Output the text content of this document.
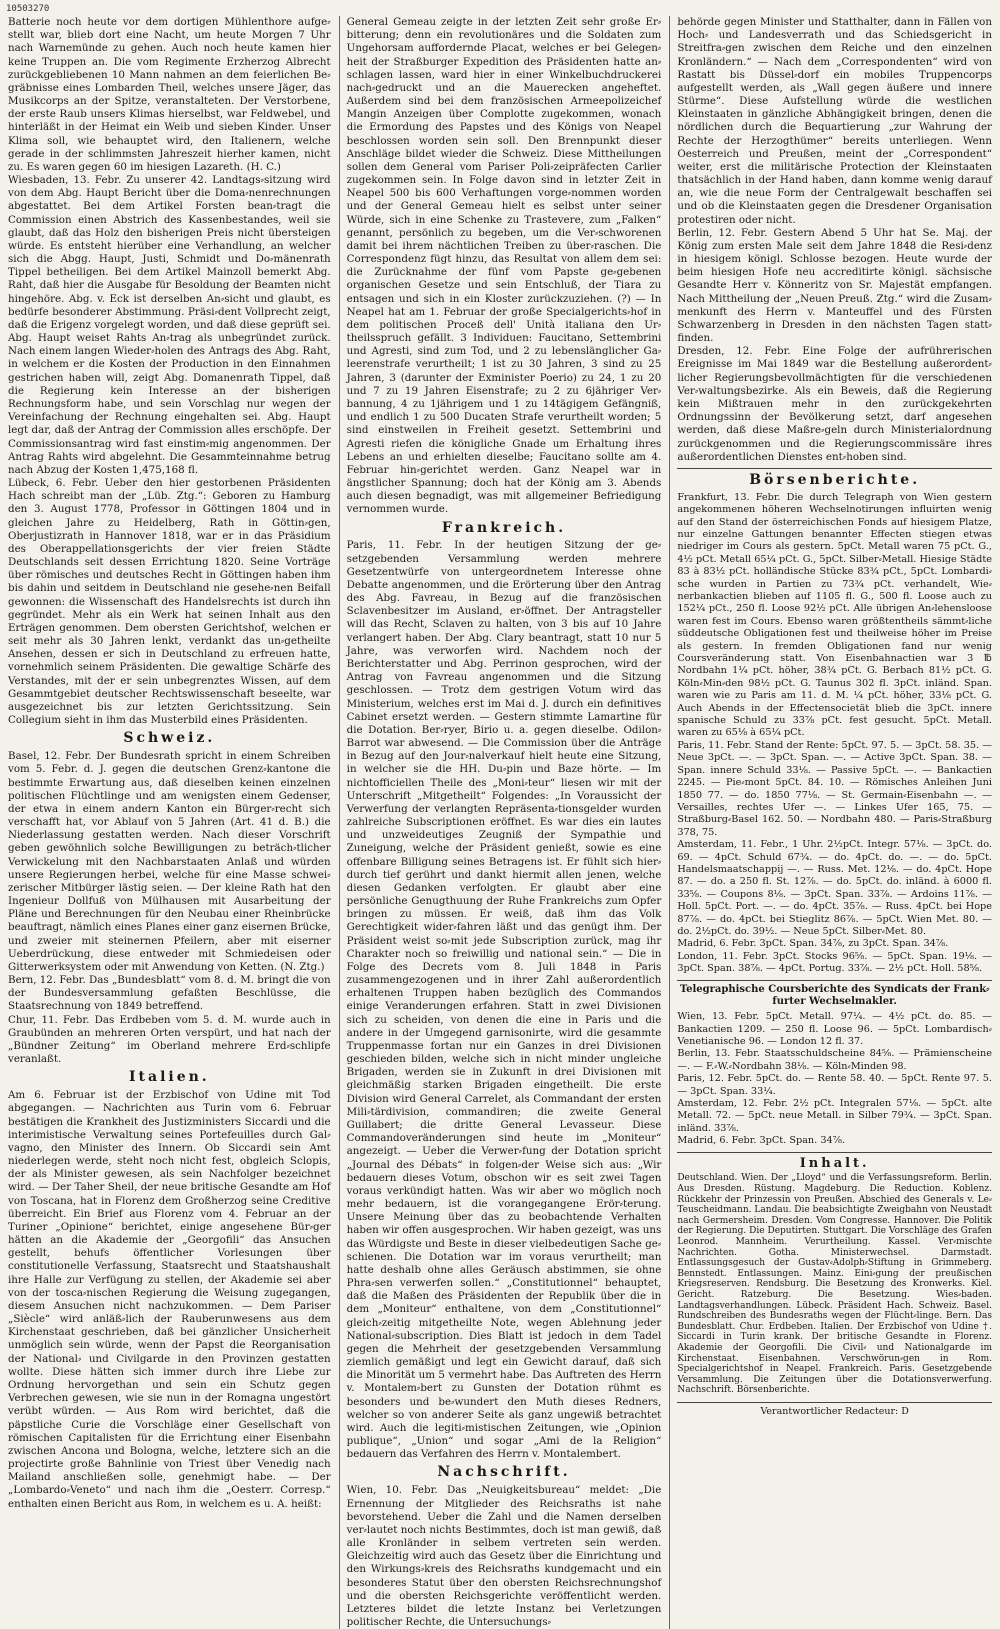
10503270

Batterie noch heute vor dem dortigen Mühlenthore aufge⸗stellt war, blieb dort eine Nacht, um heute Morgen 7 Uhr nach Warnemünde zu gehen. Auch noch heute kamen hier keine Truppen an. Die vom Regimente Erzherzog Albrecht zurückgebliebenen 10 Mann nahmen an dem feierlichen Be⸗gräbnisse eines Lombarden Theil, welches unsere Jäger, das Musikcorps an der Spitze, veranstalteten. Der Verstorbene, der erste Raub unsers Klimas hierselbst, war Feldwebel, und hinterläßt in der Heimat ein Weib und sieben Kinder. Unser Klima soll, wie behauptet wird, den Italienern, welche gerade in der schlimmsten Jahreszeit hierher kamen, nicht zu. Es waren gegen 60 im hiesigen Lazareth. (H. C.)

Wiesbaden, 13. Febr. Zu unserer 42. Landtags⸗sitzung wird von dem Abg. Haupt Bericht über die Doma⸗nenrechnungen abgestattet. Bei dem Artikel Forsten bean⸗tragt die Commission einen Abstrich des Kassenbestandes, weil sie glaubt, daß das Holz den bisherigen Preis nicht übersteigen würde. Es entsteht hierüber eine Verhandlung, an welcher sich die Abgg. Haupt, Justi, Schmidt und Do⸗mänenrath Tippel betheiligen. Bei dem Artikel Mainzoll bemerkt Abg. Raht, daß hier die Ausgabe für Besoldung der Beamten nicht hingehöre. Abg. v. Eck ist derselben An⸗sicht und glaubt, es bedürfe besonderer Abstimmung. Präsi⸗dent Vollprecht zeigt, daß die Erigenz vorgelegt worden, und daß diese geprüft sei. Abg. Haupt weiset Rahts An⸗trag als unbegründet zurück. Nach einem langen Wieder⸗holen des Antrags des Abg. Raht, in welchem er die Kosten der Production in den Einnahmen gestrichen haben will, zeigt Abg. Domanenrath Tippel, daß die Regierung kein Interesse an der bisherigen Rechnungsform habe, und sein Vorschlag nur wegen der Vereinfachung der Rechnung eingehalten sei. Abg. Haupt legt dar, daß der Antrag der Commission alles erschöpfe. Der Commissionsantrag wird fast einstim⸗mig angenommen. Der Antrag Rahts wird abgelehnt. Die Gesammteinnahme betrug nach Abzug der Kosten 1,475,168 fl.

Lübeck, 6. Febr. Ueber den hier gestorbenen Präsidenten Hach schreibt man der „Lüb. Ztg.“: Geboren zu Hamburg den 3. August 1778, Professor in Göttingen 1804 und in gleichen Jahre zu Heidelberg, Rath in Göttin⸗gen, Oberjustizrath in Hannover 1818, war er in das Präsidium des Oberappellationsgerichts der vier freien Städte Deutschlands seit dessen Errichtung 1820. Seine Vorträge über römisches und deutsches Recht in Göttingen haben ihm bis dahin und seitdem in Deutschland nie gesehe⸗nen Beifall gewonnen: die Wissenschaft des Handelsrechts ist durch ihn gegründet. Mehr als ein Werk hat seinen Inhalt aus den Erträgen genommen. Dem obersten Gerichtshof, welchen er seit mehr als 30 Jahren lenkt, verdankt das un⸗getheilte Ansehen, dessen er sich in Deutschland zu erfreuen hatte, vornehmlich seinem Präsidenten. Die gewaltige Schärfe des Verstandes, mit der er sein unbegrenztes Wissen, auf dem Gesammtgebiet deutscher Rechtswissenschaft beseelte, war ausgezeichnet bis zur letzten Gerichtssitzung. Sein Collegium sieht in ihm das Musterbild eines Präsidenten.

Schweiz.

Basel, 12. Febr. Der Bundesrath spricht in einem Schreiben vom 5. Febr. d. J. gegen die deutschen Grenz⸗kantone die bestimmte Erwartung aus, daß dieselben keinen einzelnen politischen Flüchtlinge und am wenigsten einem Gedenser, der etwa in einem andern Kanton ein Bürger⸗recht sich verschafft hat, vor Ablauf von 5 Jahren (Art. 41 d. B.) die Niederlassung gestatten werden. Nach dieser Vorschrift geben gewöhnlich solche Bewilligungen zu beträch⸗tlicher Verwickelung mit den Nachbarstaaten Anlaß und würden unsere Regierungen herbei, welche für eine Masse schwei⸗zerischer Mitbürger lästig seien. — Der kleine Rath hat den Ingenieur Dollfuß von Mülhausen mit Ausarbeitung der Pläne und Berechnungen für den Neubau einer Rheinbrücke beauftragt, nämlich eines Planes einer ganz eisernen Brücke, und zweier mit steinernen Pfeilern, aber mit eiserner Ueberdrückung, diese entweder mit Schmiedeisen oder Gitterwerksystem oder mit Anwendung von Ketten. (N. Ztg.)

Bern, 12. Febr. Das „Bundesblatt“ vom 8. d. M. bringt die von der Bundesversammlung gefaßten Beschlüsse, die Staatsrechnung von 1849 betreffend.

Chur, 11. Febr. Das Erdbeben vom 5. d. M. wurde auch in Graubünden an mehreren Orten verspürt, und hat nach der „Bündner Zeitung“ im Oberland mehrere Erd⸗schlipfe veranlaßt.

Italien.

Am 6. Februar ist der Erzbischof von Udine mit Tod abgegangen. — Nachrichten aus Turin vom 6. Februar bestätigen die Krankheit des Justizministers Siccardi und die interimistische Verwaltung seines Portefeuilles durch Gal⸗vagno, den Minister des Innern. Ob Siccardi sein Amt niederlegen werde, steht noch nicht fest, obgleich Sclopis, der als Minister gewesen, als sein Nachfolger bezeichnet wird. — Der Taher Sheil, der neue britische Gesandte am Hof von Toscana, hat in Florenz dem Großherzog seine Creditive überreicht. Ein Brief aus Florenz vom 4. Februar an der Turiner „Opinione“ berichtet, einige angesehene Bür⸗ger hätten an die Akademie der „Georgofili“ das Ansuchen gestellt, behufs öffentlicher Vorlesungen über constitutionelle Verfassung, Staatsrecht und Staatshaushalt ihre Halle zur Verfügung zu stellen, der Akademie sei aber von der tosca⸗nischen Regierung die Weisung zugegangen, diesem Ansuchen nicht nachzukommen. — Dem Pariser „Siècle“ wird anläß⸗lich der Rauberunwesens aus dem Kirchenstaat geschrieben, daß bei gänzlicher Unsicherheit unmöglich sein würde, wenn der Papst die Reorganisation der National⸗ und Civilgarde in den Provinzen gestatten wollte. Diese hätten sich immer durch ihre Liebe zur Ordnung hervorgethan und sein ein Schutz gegen Verbrechen gewesen, wie sie nun in der Romagna ungestört verübt würden. — Aus Rom wird berichtet, daß die päpstliche Curie die Vorschläge einer Gesellschaft von römischen Capitalisten für die Errichtung einer Eisenbahn zwischen Ancona und Bologna, welche, letztere sich an die projectirte große Bahnlinie von Triest über Venedig nach Mailand anschließen solle, genehmigt habe. — Der „Lombardo⸗Veneto“ und nach ihm die „Oesterr. Corresp.“ enthalten einen Bericht aus Rom, in welchem es u. A. heißt:

General Gemeau zeigte in der letzten Zeit sehr große Er⸗bitterung; denn ein revolutionäres und die Soldaten zum Ungehorsam auffordernde Placat, welches er bei Gelegen⸗heit der Straßburger Expedition des Präsidenten hatte an⸗schlagen lassen, ward hier in einer Winkelbuchdruckerei nach⸗gedruckt und an die Mauerecken angeheftet. Außerdem sind bei dem französischen Armeepolizeichef Mangin Anzeigen über Complotte zugekommen, wonach die Ermordung des Papstes und des Königs von Neapel beschlossen worden sein soll. Den Brennpunkt dieser Anschläge bildet wieder die Schweiz. Diese Mittheilungen sollen dem General vom Pariser Poli⸗zeipräfecten Carlier zugekommen sein. In Folge davon sind in letzter Zeit in Neapel 500 bis 600 Verhaftungen vorge⸗nommen worden und der General Gemeau hielt es selbst unter seiner Würde, sich in eine Schenke zu Trastevere, zum „Falken“ genannt, persönlich zu begeben, um die Ver⸗schworenen damit bei ihrem nächtlichen Treiben zu über⸗raschen. Die Correspondenz fügt hinzu, das Resultat von allem dem sei: die Zurücknahme der fünf vom Papste ge⸗gebenen organischen Gesetze und sein Entschluß, der Tiara zu entsagen und sich in ein Kloster zurückzuziehen. (?) — In Neapel hat am 1. Februar der große Specialgerichts⸗hof in dem politischen Proceß dell' Unità italiana den Ur⸗theilsspruch gefällt. 3 Individuen: Faucitano, Settembrini und Agresti, sind zum Tod, und 2 zu lebenslänglicher Ga⸗leerenstrafe verurtheilt; 1 ist zu 30 Jahren, 3 sind zu 25 Jahren, 3 (darunter der Exminister Poerio) zu 24, 1 zu 20 und 7 zu 19 Jahren Eisenstrafe; zu 2 zu 6jähriger Ver⸗bannung, 4 zu 1jährigem und 1 zu 14tägigem Gefängniß, und endlich 1 zu 500 Ducaten Strafe verurtheilt worden; 5 sind einstweilen in Freiheit gesetzt. Settembrini und Agresti riefen die königliche Gnade um Erhaltung ihres Lebens an und erhielten dieselbe; Faucitano sollte am 4. Februar hin⸗gerichtet werden. Ganz Neapel war in ängstlicher Spannung; doch hat der König am 3. Abends auch diesen begnadigt, was mit allgemeiner Befriedigung vernommen wurde.

Frankreich.

Paris, 11. Febr. In der heutigen Sitzung der ge⸗setzgebenden Versammlung werden mehrere Gesetzentwürfe von untergeordnetem Interesse ohne Debatte angenommen, und die Erörterung über den Antrag des Abg. Favreau, in Bezug auf die französischen Sclavenbesitzer im Ausland, er⸗öffnet. Der Antragsteller will das Recht, Sclaven zu halten, von 3 bis auf 10 Jahre verlangert haben. Der Abg. Clary beantragt, statt 10 nur 5 Jahre, was verworfen wird. Nachdem noch der Berichterstatter und Abg. Perrinon gesprochen, wird der Antrag von Favreau angenommen und die Sitzung geschlossen. — Trotz dem gestrigen Votum wird das Ministerium, welches erst im Mai d. J. durch ein definitives Cabinet ersetzt werden. — Gestern stimmte Lamartine für die Dotation. Ber⸗ryer, Birio u. a. gegen dieselbe. Odilon⸗Barrot war abwesend. — Die Commission über die Anträge in Bezug auf den Jour⸗nalverkauf hielt heute eine Sitzung, in welcher sie die HH. Du⸗pin und Baze hörte. — Im nichtofficiellen Theile des „Moni⸗teur“ liesen wir mit der Unterschrift „Mitgetheilt“ Folgendes: „In Voraussicht der Verwerfung der verlangten Repräsenta⸗tionsgelder wurden zahlreiche Subscriptionen eröffnet. Es war dies ein lautes und unzweideutiges Zeugniß der Sympathie und Zuneigung, welche der Präsident genießt, sowie es eine offenbare Billigung seines Betragens ist. Er fühlt sich hier⸗durch tief gerührt und dankt hiermit allen jenen, welche diesen Gedanken verfolgten. Er glaubt aber eine persönliche Genugthuung der Ruhe Frankreichs zum Opfer bringen zu müssen. Er weiß, daß ihm das Volk Gerechtigkeit wider⸗fahren läßt und das genügt ihm. Der Präsident weist so⸗mit jede Subscription zurück, mag ihr Charakter noch so freiwillig und national sein.“ — Die in Folge des Decrets vom 8. Juli 1848 in Paris zusammengezogenen und in ihrer Zahl außerordentlich erhaltenen Truppen haben bezüglich des Commandos einige Veranderungen erfahren. Statt in zwei Divisionen sich zu scheiden, von denen die eine in Paris und die andere in der Umgegend garnisonirte, wird die gesammte Truppenmasse fortan nur ein Ganzes in drei Divisionen geschieden bilden, welche sich in nicht minder ungleiche Brigaden, werden sie in Zukunft in drei Divisionen mit gleichmäßig starken Brigaden eingetheilt. Die erste Division wird General Carrelet, als Commandant der ersten Mili⸗tärdivision, commandiren; die zweite General Guillabert; die dritte General Levasseur. Diese Commandoveränderungen sind heute im „Moniteur“ angezeigt. — Ueber die Verwer⸗fung der Dotation spricht „Journal des Débats“ in folgen⸗der Weise sich aus: „Wir bedauern dieses Votum, obschon wir es seit zwei Tagen voraus verkündigt hatten. Was wir aber wo möglich noch mehr bedauern, ist die vorangegangene Erör⸗terung. Unsere Meinung über das zu beobachtende Verhalten haben wir offen ausgesprochen. Wir haben gezeigt, was uns das Würdigste und Beste in dieser vielbedeutigen Sache ge⸗schienen. Die Dotation war im voraus verurtheilt; man hatte deshalb ohne alles Geräusch abstimmen, sie ohne Phra⸗sen verwerfen sollen.“ „Constitutionnel“ behauptet, daß die Maßen des Präsidenten der Republik über die in dem „Moniteur“ enthaltene, von dem „Constitutionnel“ gleich⸗zeitig mitgetheilte Note, wegen Ablehnung jeder National⸗subscription. Dies Blatt ist jedoch in dem Tadel gegen die Mehrheit der gesetzgebenden Versammlung ziemlich gemäßigt und legt ein Gewicht darauf, daß sich die Minorität um 5 vermehrt habe. Das Auftreten des Herrn v. Montalem⸗bert zu Gunsten der Dotation rühmt es besonders und be⸗wundert den Muth dieses Redners, welcher so von anderer Seite als ganz ungewiß betrachtet wird. Auch die legiti⸗mistischen Zeitungen, wie „Opinion publique“, „Union“ und sogar „Ami de la Religion“ bedauern das Verfahren des Herrn v. Montalembert.

Nachschrift.

Wien, 10. Febr. Das „Neuigkeitsbureau“ meldet: „Die Ernennung der Mitglieder des Reichsraths ist nahe bevorstehend. Ueber die Zahl und die Namen derselben ver⸗lautet noch nichts Bestimmtes, doch ist man gewiß, daß alle Kronländer in selbem vertreten sein werden. Gleichzeitig wird auch das Gesetz über die Einrichtung und den Wirkungs⸗kreis des Reichsraths kundgemacht und ein besonderes Statut über den obersten Reichsrechnungshof und die obersten Reichsgerichte veröffentlicht werden. Letzteres bildet die letzte Instanz bei Verletzungen politischer Rechte, die Untersuchungs⸗

behörde gegen Minister und Statthalter, dann in Fällen von Hoch⸗ und Landesverrath und das Schiedsgericht in Streitfra⸗gen zwischen dem Reiche und den einzelnen Kronländern.“ — Nach dem „Correspondenten“ wird von Rastatt bis Düssel⸗dorf ein mobiles Truppencorps aufgestellt werden, als „Wall gegen äußere und innere Stürme“. Diese Aufstellung würde die westlichen Kleinstaaten in gänzliche Abhängigkeit bringen, denen die nördlichen durch die Bequartierung „zur Wahrung der Rechte der Herzogthümer“ bereits unterliegen. Wenn Oesterreich und Preußen, meint der „Correspondent“ weiter, erst die militärische Protection der Kleinstaaten thatsächlich in der Hand haben, dann komme wenig darauf an, wie die neue Form der Centralgewalt beschaffen sei und ob die Kleinstaaten gegen die Dresdener Organisation protestiren oder nicht.

Berlin, 12. Febr. Gestern Abend 5 Uhr hat Se. Maj. der König zum ersten Male seit dem Jahre 1848 die Resi⸗denz in hiesigem königl. Schlosse bezogen. Heute wurde der beim hiesigen Hofe neu accreditirte königl. sächsische Gesandte Herr v. Könneritz von Sr. Majestät empfangen. Nach Mittheilung der „Neuen Preuß. Ztg.“ wird die Zusam⸗menkunft des Herrn v. Manteuffel und des Fürsten Schwarzenberg in Dresden in den nächsten Tagen statt⸗finden.

Dresden, 12. Febr. Eine Folge der aufrührerischen Ereignisse im Mai 1849 war die Bestellung außerordent⸗licher Regierungsbevollmächtigten für die verschiedenen Ver⸗waltungsbezirke. Als ein Beweis, daß die Regierung kein Mißtrauen mehr in den zurückgekehrten Ordnungssinn der Bevölkerung setzt, darf angesehen werden, daß diese Maßre⸗geln durch Ministerialordnung zurückgenommen und die Regierungscommissäre ihres außerordentlichen Dienstes ent⸗hoben sind.

Börsenberichte.

Frankfurt, 13. Febr. Die durch Telegraph von Wien gestern angekommenen höheren Wechselnotirungen influirten wenig auf den Stand der österreichischen Fonds auf hiesigem Platze, nur einzelne Gattungen benannter Effecten stiegen etwas niedriger im Cours als gestern. 5pCt. Metall waren 75 pCt. G., 4½ pCt. Metall 65¼ pCt. G., 5pCt. Silber⸗Metall. Hiesige Städte 83 à 83½ pCt. holländische Stücke 83¾ pCt., 5pCt. Lombardi⸗sche wurden in Partien zu 73¾ pCt. verhandelt, Wie⸗nerbankactien blieben auf 1105 fl. G., 500 fl. Loose auch zu 152¼ pCt., 250 fl. Loose 92½ pCt. Alle übrigen An⸗lehensloose waren fest im Cours. Ebenso waren größtentheils sämmt⸗liche süddeutsche Obligationen fest und theilweise höher im Preise als gestern. In fremden Obligationen fand nur wenig Coursveränderung statt. Von Eisenbahnactien war 3 ℔ Nordbahn 1¼ pCt. höher, 38¾ pCt. G. Berbach 81½ pCt. G. Köln⸗Min⸗den 98½ pCt. G. Taunus 302 fl. 3pCt. inländ. Span. waren wie zu Paris am 11. d. M. ¼ pCt. höher, 33⅛ pCt. G. Auch Abends in der Effectensocietät blieb die 3pCt. innere spanische Schuld zu 33⅞ pCt. fest gesucht. 5pCt. Metall. waren zu 65⅛ à 65¼ pCt.

Paris, 11. Febr. Stand der Rente: 5pCt. 97. 5. — 3pCt. 58. 35. — Neue 3pCt. —. — 3pCt. Span. —. — Active 3pCt. Span. 38. — Span. innere Schuld 33⅛. — Passive 5pCt. —. — Bankactien 2245. — Pie⸗mont 5pCt. 84. 10. — Römisches Anleihen Juni 1850 77. — do. 1850 77⅛. — St. Germain⸗Eisenbahn —. — Versailles, rechtes Ufer —. — Linkes Ufer 165, 75. — Straßburg⸗Basel 162. 50. — Nordbahn 480. — Paris⸗Straßburg 378, 75.

Amsterdam, 11. Febr., 1 Uhr. 2½pCt. Integr. 57⅛. — 3pCt. do. 69. — 4pCt. Schuld 67¾. — do. 4pCt. do. —. — do. 5pCt. Handelsmaatschappij —. — Russ. Met. 12⅛. — do. 4pCt. Hope 87. — do. a 250 fl. St. 12⅞. — do. 5pCt. do. inländ. à 6000 fl. 33⅝. — Coupons 8⅛. — 3pCt. Span. 33⅞. — Ardoins 11⅞. — Holl. 5pCt. Port. —. — do. 4pCt. 35⅞. — Russ. 4pCt. bei Hope 87⅞. — do. 4pCt. bei Stieglitz 86⅞. — 5pCt. Wien Met. 80. — do. 2½pCt. do. 39½. — Neue 5pCt. Silber⸗Met. 80.

Madrid, 6. Febr. 3pCt. Span. 34⅞, zu 3pCt. Span. 34⅞.

London, 11. Febr. 3pCt. Stocks 96⅝. — 5pCt. Span. 19⅛. — 3pCt. Span. 38⅞. — 4pCt. Portug. 33⅞. — 2½ pCt. Holl. 58⅝.

Telegraphische Coursberichte des Syndicats der Frank⸗furter Wechselmakler.

Wien, 13. Febr. 5pCt. Metall. 97¼. — 4½ pCt. do. 85. — Bankactien 1209. — 250 fl. Loose 96. — 5pCt. Lombardisch⸗Venetianische 96. — London 12 fl. 37.

Berlin, 13. Febr. Staatsschuldscheine 84⅝. — Prämienscheine —. — F.⸗W.⸗Nordbahn 38⅛. — Köln⸗Minden 98.

Paris, 12. Febr. 5pCt. do. — Rente 58. 40. — 5pCt. Rente 97. 5. — 3pCt. Span. 33¼.

Amsterdam, 12. Febr. 2½ pCt. Integralen 57⅛. — 5pCt. alte Metall. 72. — 5pCt. neue Metall. in Silber 79¾. — 3pCt. Span. inländ. 33⅞.

Madrid, 6. Febr. 3pCt. Span. 34⅞.

Inhalt.

Deutschland. Wien. Der „Lloyd“ und die Verfassungsreform. Berlin. Aus Dresden. Rüstung. Magdeburg. Die Reduction. Koblenz. Rückkehr der Prinzessin von Preußen. Abschied des Generals v. Le⸗Teuscheidmann. Landau. Die beabsichtigte Zweigbahn von Neustadt nach Germersheim. Dresden. Vom Congresse. Hannover. Die Politik der Regierung. Die Deputirten. Stuttgart. Die Vorschläge des Grafen Leonrod. Mannheim. Verurtheilung. Kassel. Ver⸗mischte Nachrichten. Gotha. Ministerwechsel. Darmstadt. Entlassungsgesuch der Gustav⸗Adolph⸗Stiftung in Grimmeberg. Bennstedt. Entlassungen. Mainz. Eini⸗gung der preußischen Kriegsreserven. Rendsburg. Die Besetzung des Kronwerks. Kiel. Gericht. Ratzeburg. Die Besetzung. Wies⸗baden. Landtagsverhandlungen. Lübeck. Präsident Hach. Schweiz. Basel. Rundschreiben des Bundesraths wegen der Flücht⸗linge. Bern. Das Bundesblatt. Chur. Erdbeben. Italien. Der Erzbischof von Udine †. Siccardi in Turin krank. Der britische Gesandte in Florenz. Akademie der Georgofili. Die Civil⸗ und Nationalgarde im Kirchenstaat. Eisenbahnen. Verschwörun⸗gen in Rom. Specialgerichtshof in Neapel. Frankreich. Paris. Gesetzgebende Versammlung. Die Zeitungen über die Dotationsverwerfung. Nachschrift. Börsenberichte.

Verantwortlicher Redacteur: D
